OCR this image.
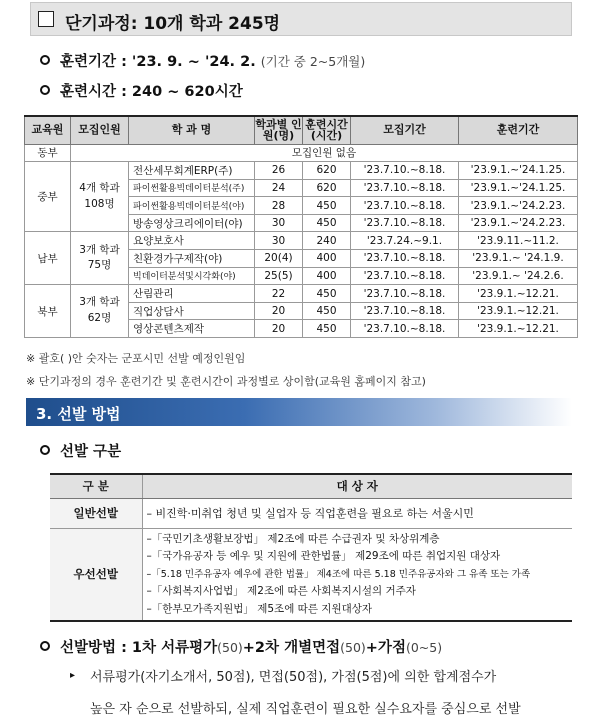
단기과정: 10개 학과 245명
훈련기간 : '23. 9. ~ '24. 2. (기간 중 2~5개월)
훈련시간 : 240 ~ 620시간
교육원	모집인원	학 과 명	학과별 인원(명)	훈련시간 (시간)	모집기간	훈련기간
동부	모집인원 없음					
중부	4개 학과 108명	전산세무회계ERP(주)	26	620	'23.7.10.~8.18.	'23.9.1.~'24.1.25.
		파이썬활용빅데이터분석(주)	24	620	'23.7.10.~8.18.	'23.9.1.~'24.1.25.
		파이썬활용빅데이터분석(야)	28	450	'23.7.10.~8.18.	'23.9.1.~'24.2.23.
		방송영상크리에이터(야)	30	450	'23.7.10.~8.18.	'23.9.1.~'24.2.23.
남부	3개 학과 75명	요양보호사	30	240	'23.7.24.~9.1.	'23.9.11.~11.2.
		친환경가구제작(야)	20(4)	400	'23.7.10.~8.18.	'23.9.1.~ '24.1.9.
		빅데이터분석및시각화(야)	25(5)	400	'23.7.10.~8.18.	'23.9.1.~ '24.2.6.
북부	3개 학과 62명	산림관리	22	450	'23.7.10.~8.18.	'23.9.1.~12.21.
		직업상담사	20	450	'23.7.10.~8.18.	'23.9.1.~12.21.
		영상콘텐츠제작	20	450	'23.7.10.~8.18.	'23.9.1.~12.21.
※ 괄호( )안 숫자는 군포시민 선발 예정인원임
※ 단기과정의 경우 훈련기간 및 훈련시간이 과정별로 상이함(교육원 홈페이지 참고)
3. 선발 방법
선발 구분
구 분	대 상 자
일반선발	– 비진학·미취업 청년 및 실업자 등 직업훈련을 필요로 하는 서울시민
우선선발	–「국민기초생활보장법」 제2조에 따른 수급권자 및 차상위계층
–「국가유공자 등 예우 및 지원에 관한법률」 제29조에 따른 취업지원 대상자
–「5.18 민주유공자 예우에 관한 법률」 제4조에 따른 5.18 민주유공자와 그 유족 또는 가족
–「사회복지사업법」 제2조에 따른 사회복지시설의 거주자
–「한부모가족지원법」 제5조에 따른 지원대상자
선발방법 : 1차 서류평가(50)+2차 개별면접(50)+가점(0~5)
▸ 서류평가(자기소개서, 50점), 면접(50점), 가점(5점)에 의한 합계점수가
높은 자 순으로 선발하되, 실제 직업훈련이 필요한 실수요자를 중심으로 선발
